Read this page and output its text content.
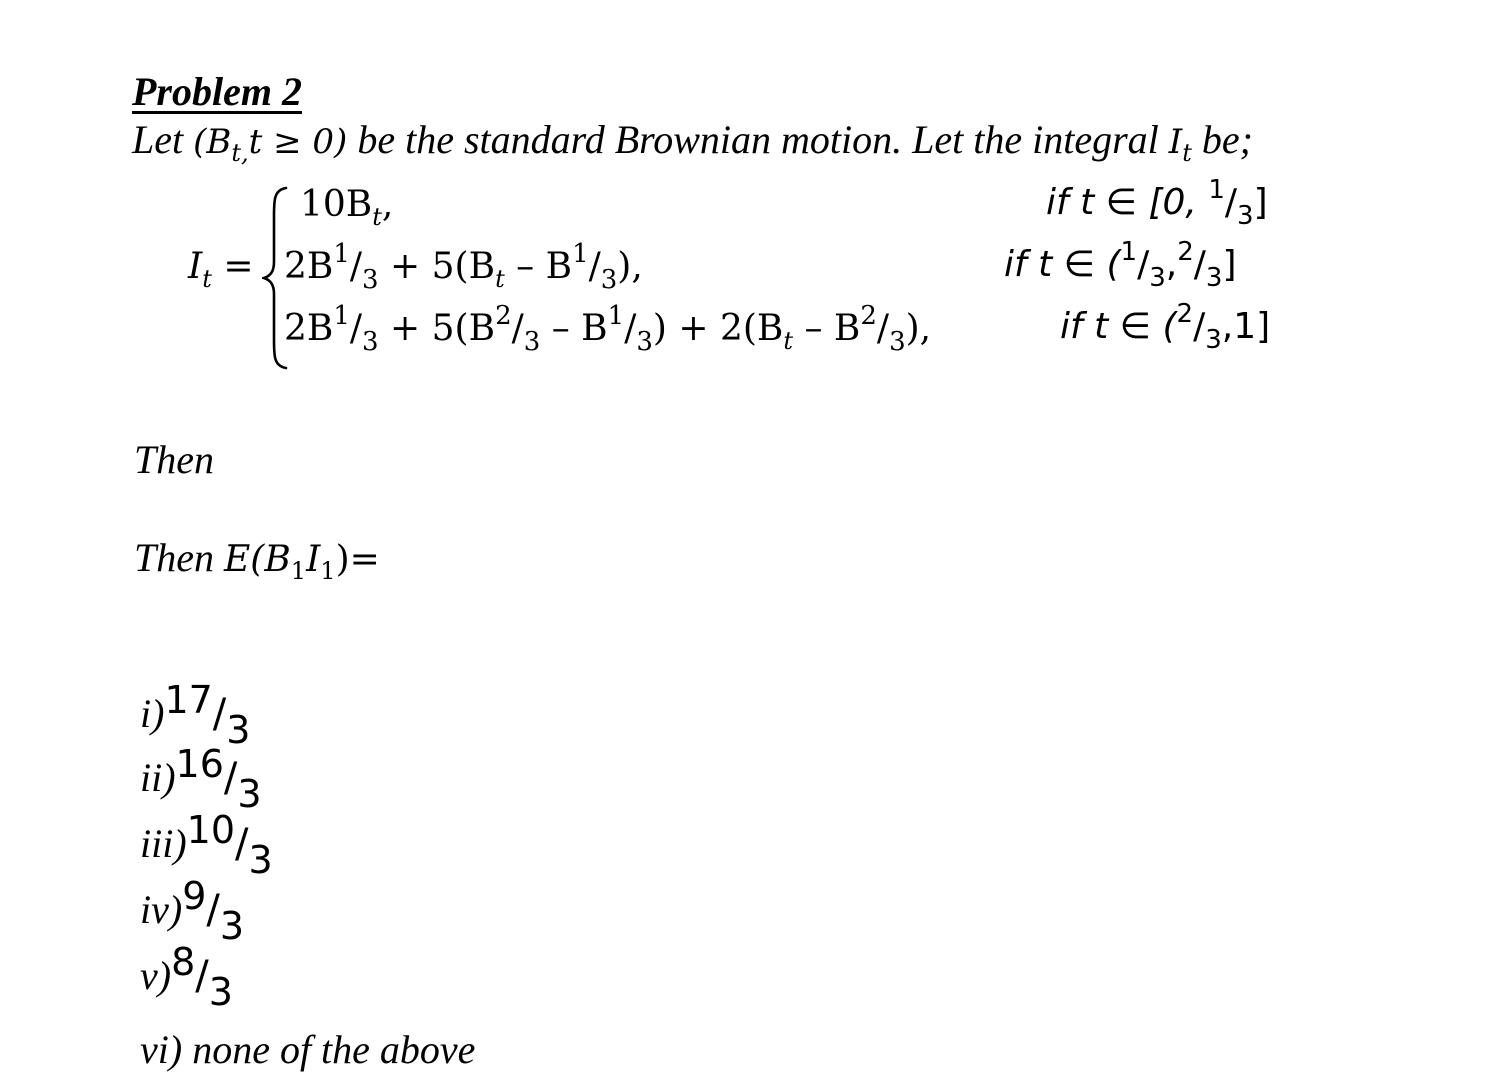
Problem 2
Let $(B_{t,}t \ge 0)$ be the standard Brownian motion. Let the integral $I_t$ be;
$I_t$ =
$10B_t$,	if t ∈ [0, $^1/_3$]
$2B^1/_3 + 5(B_t - B^1/_3)$,	if t ∈ $(^1/_3,^2/_3]$
$2B^1/_3 + 5(B^2/_3 - B^1/_3) + 2(B_t - B^2/_3)$,	if t ∈ $(^2/_3,1]$
Then
Then $E(B_1I_1)=$
i)17/3
ii)16/3
iii)10/3
iv)9/3
v)8/3
vi) none of the above
